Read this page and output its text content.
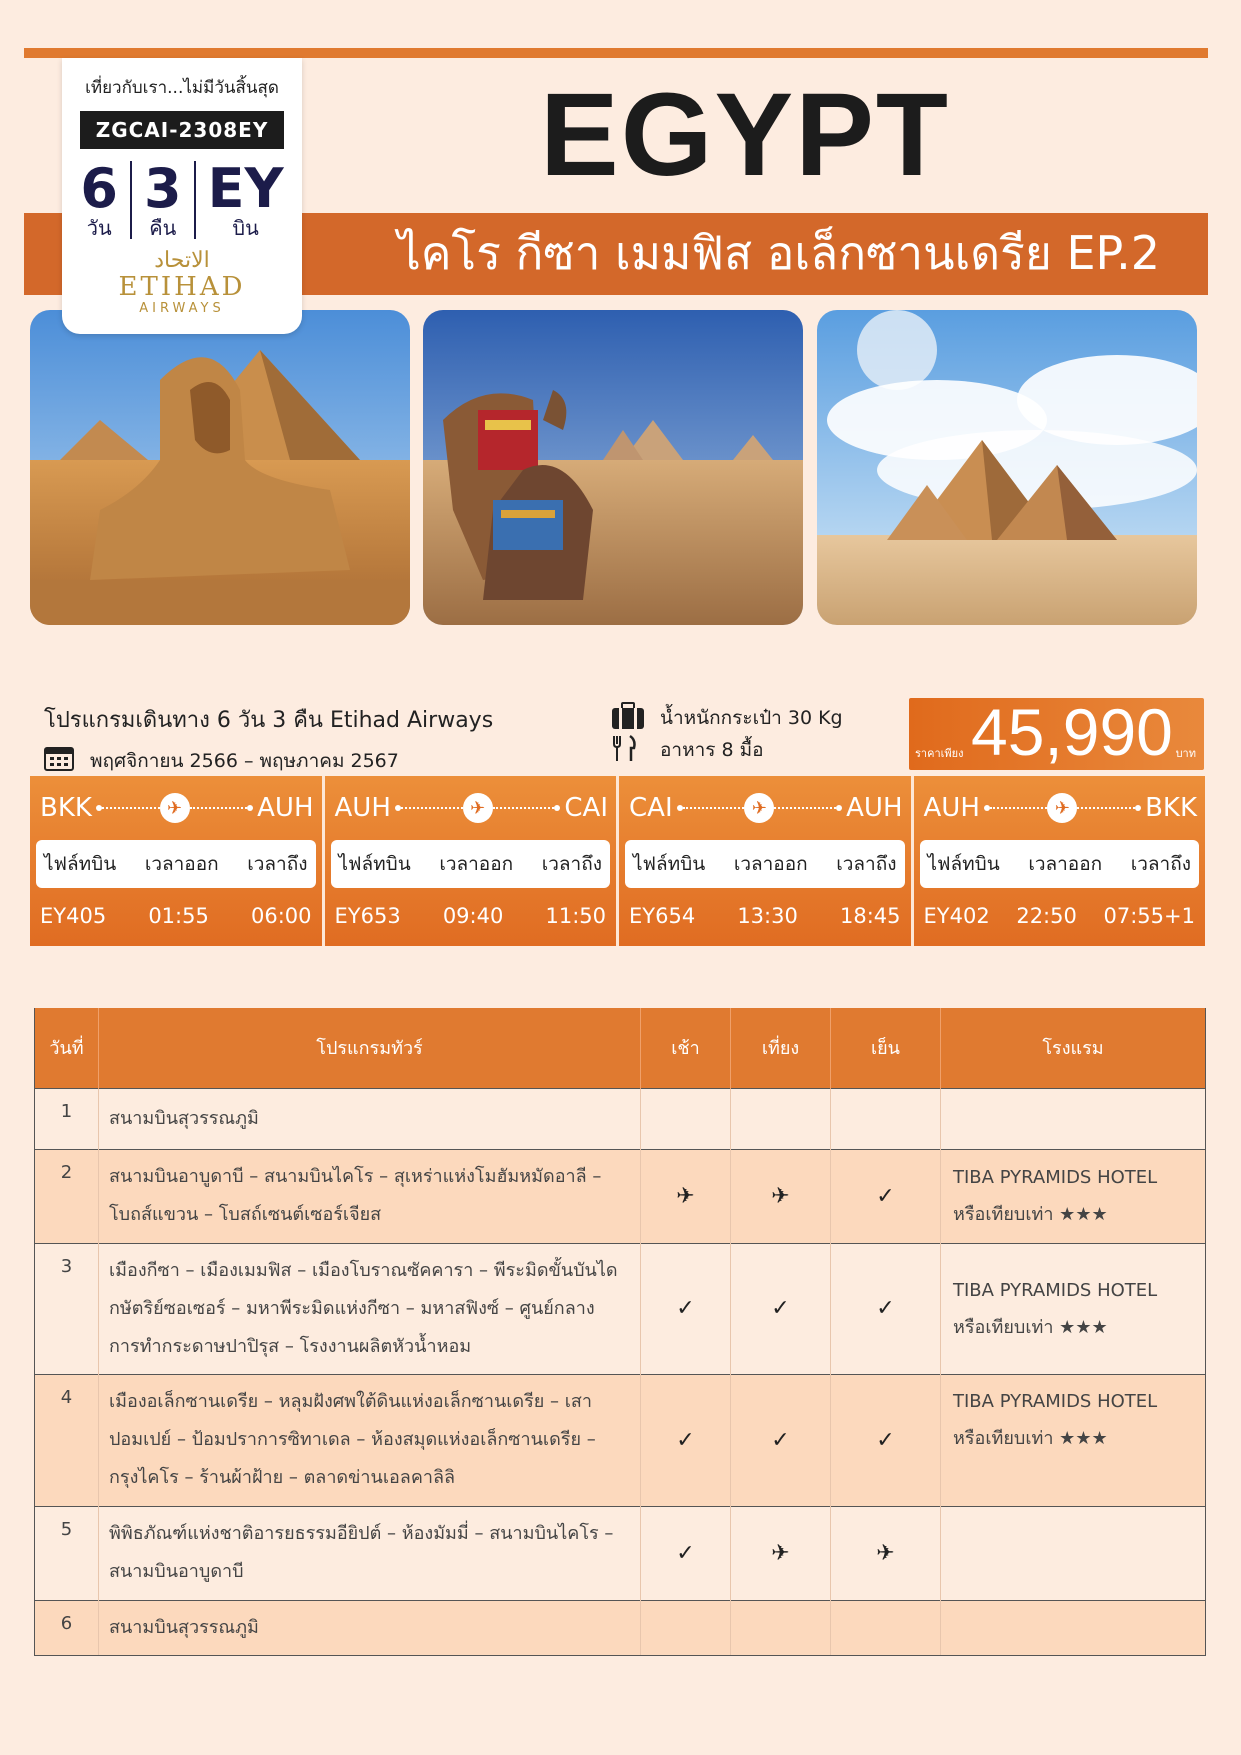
เที่ยวกับเรา...ไม่มีวันสิ้นสุด
ZGCAI-2308EY
6
วัน
3
คืน
EY
บิน
الاتحاد
ETIHAD
AIRWAYS
EGYPT
ไคโร กีซา เมมฟิส อเล็กซานเดรีย EP.2
โปรแกรมเดินทาง 6 วัน 3 คืน Etihad Airways
พฤศจิกายน 2566 – พฤษภาคม 2567
น้ำหนักกระเป๋า 30 Kg
อาหาร 8 มื้อ	ราคาเพียง 45,990 บาท
BKK	✈	AUH
ไฟล์ทบิน เวลาออก เวลาถึง
EY405 01:55 06:00
AUH	✈	CAI
ไฟล์ทบิน เวลาออก เวลาถึง
EY653 09:40 11:50
CAI	✈	AUH
ไฟล์ทบิน เวลาออก เวลาถึง
EY654 13:30 18:45
AUH	✈	BKK
ไฟล์ทบิน เวลาออก เวลาถึง
EY402 22:50 07:55+1
วันที่	โปรแกรมทัวร์	เช้า	เที่ยง	เย็น	โรงแรม
1	สนามบินสุวรรณภูมิ				

2	สนามบินอาบูดาบี – สนามบินไคโร – สุเหร่าแห่งโมฮัมหมัดอาลี – โบถส์แขวน – โบสถ์เซนต์เซอร์เจียส	✈	✈	✓	TIBA PYRAMIDS HOTEL
หรือเทียบเท่า ★★★

3	เมืองกีซา – เมืองเมมฟิส – เมืองโบราณซัคคารา – พีระมิดขั้นบันได กษัตริย์ซอเซอร์ – มหาพีระมิดแห่งกีซา – มหาสฟิงซ์ – ศูนย์กลาง การทำกระดาษปาปิรุส – โรงงานผลิตหัวน้ำหอม	✓	✓	✓	TIBA PYRAMIDS HOTEL
หรือเทียบเท่า ★★★

4	เมืองอเล็กซานเดรีย – หลุมฝังศพใต้ดินแห่งอเล็กซานเดรีย – เสา ปอมเปย์ – ป้อมปราการซิทาเดล – ห้องสมุดแห่งอเล็กซานเดรีย – กรุงไคโร – ร้านผ้าฝ้าย – ตลาดข่านเอลคาลิลิ	✓	✓	✓	TIBA PYRAMIDS HOTEL
หรือเทียบเท่า ★★★

5	พิพิธภัณฑ์แห่งชาติอารยธรรมอียิปต์ – ห้องมัมมี่ – สนามบินไคโร – สนามบินอาบูดาบี	✓	✈	✈	

6	สนามบินสุวรรณภูมิ				
